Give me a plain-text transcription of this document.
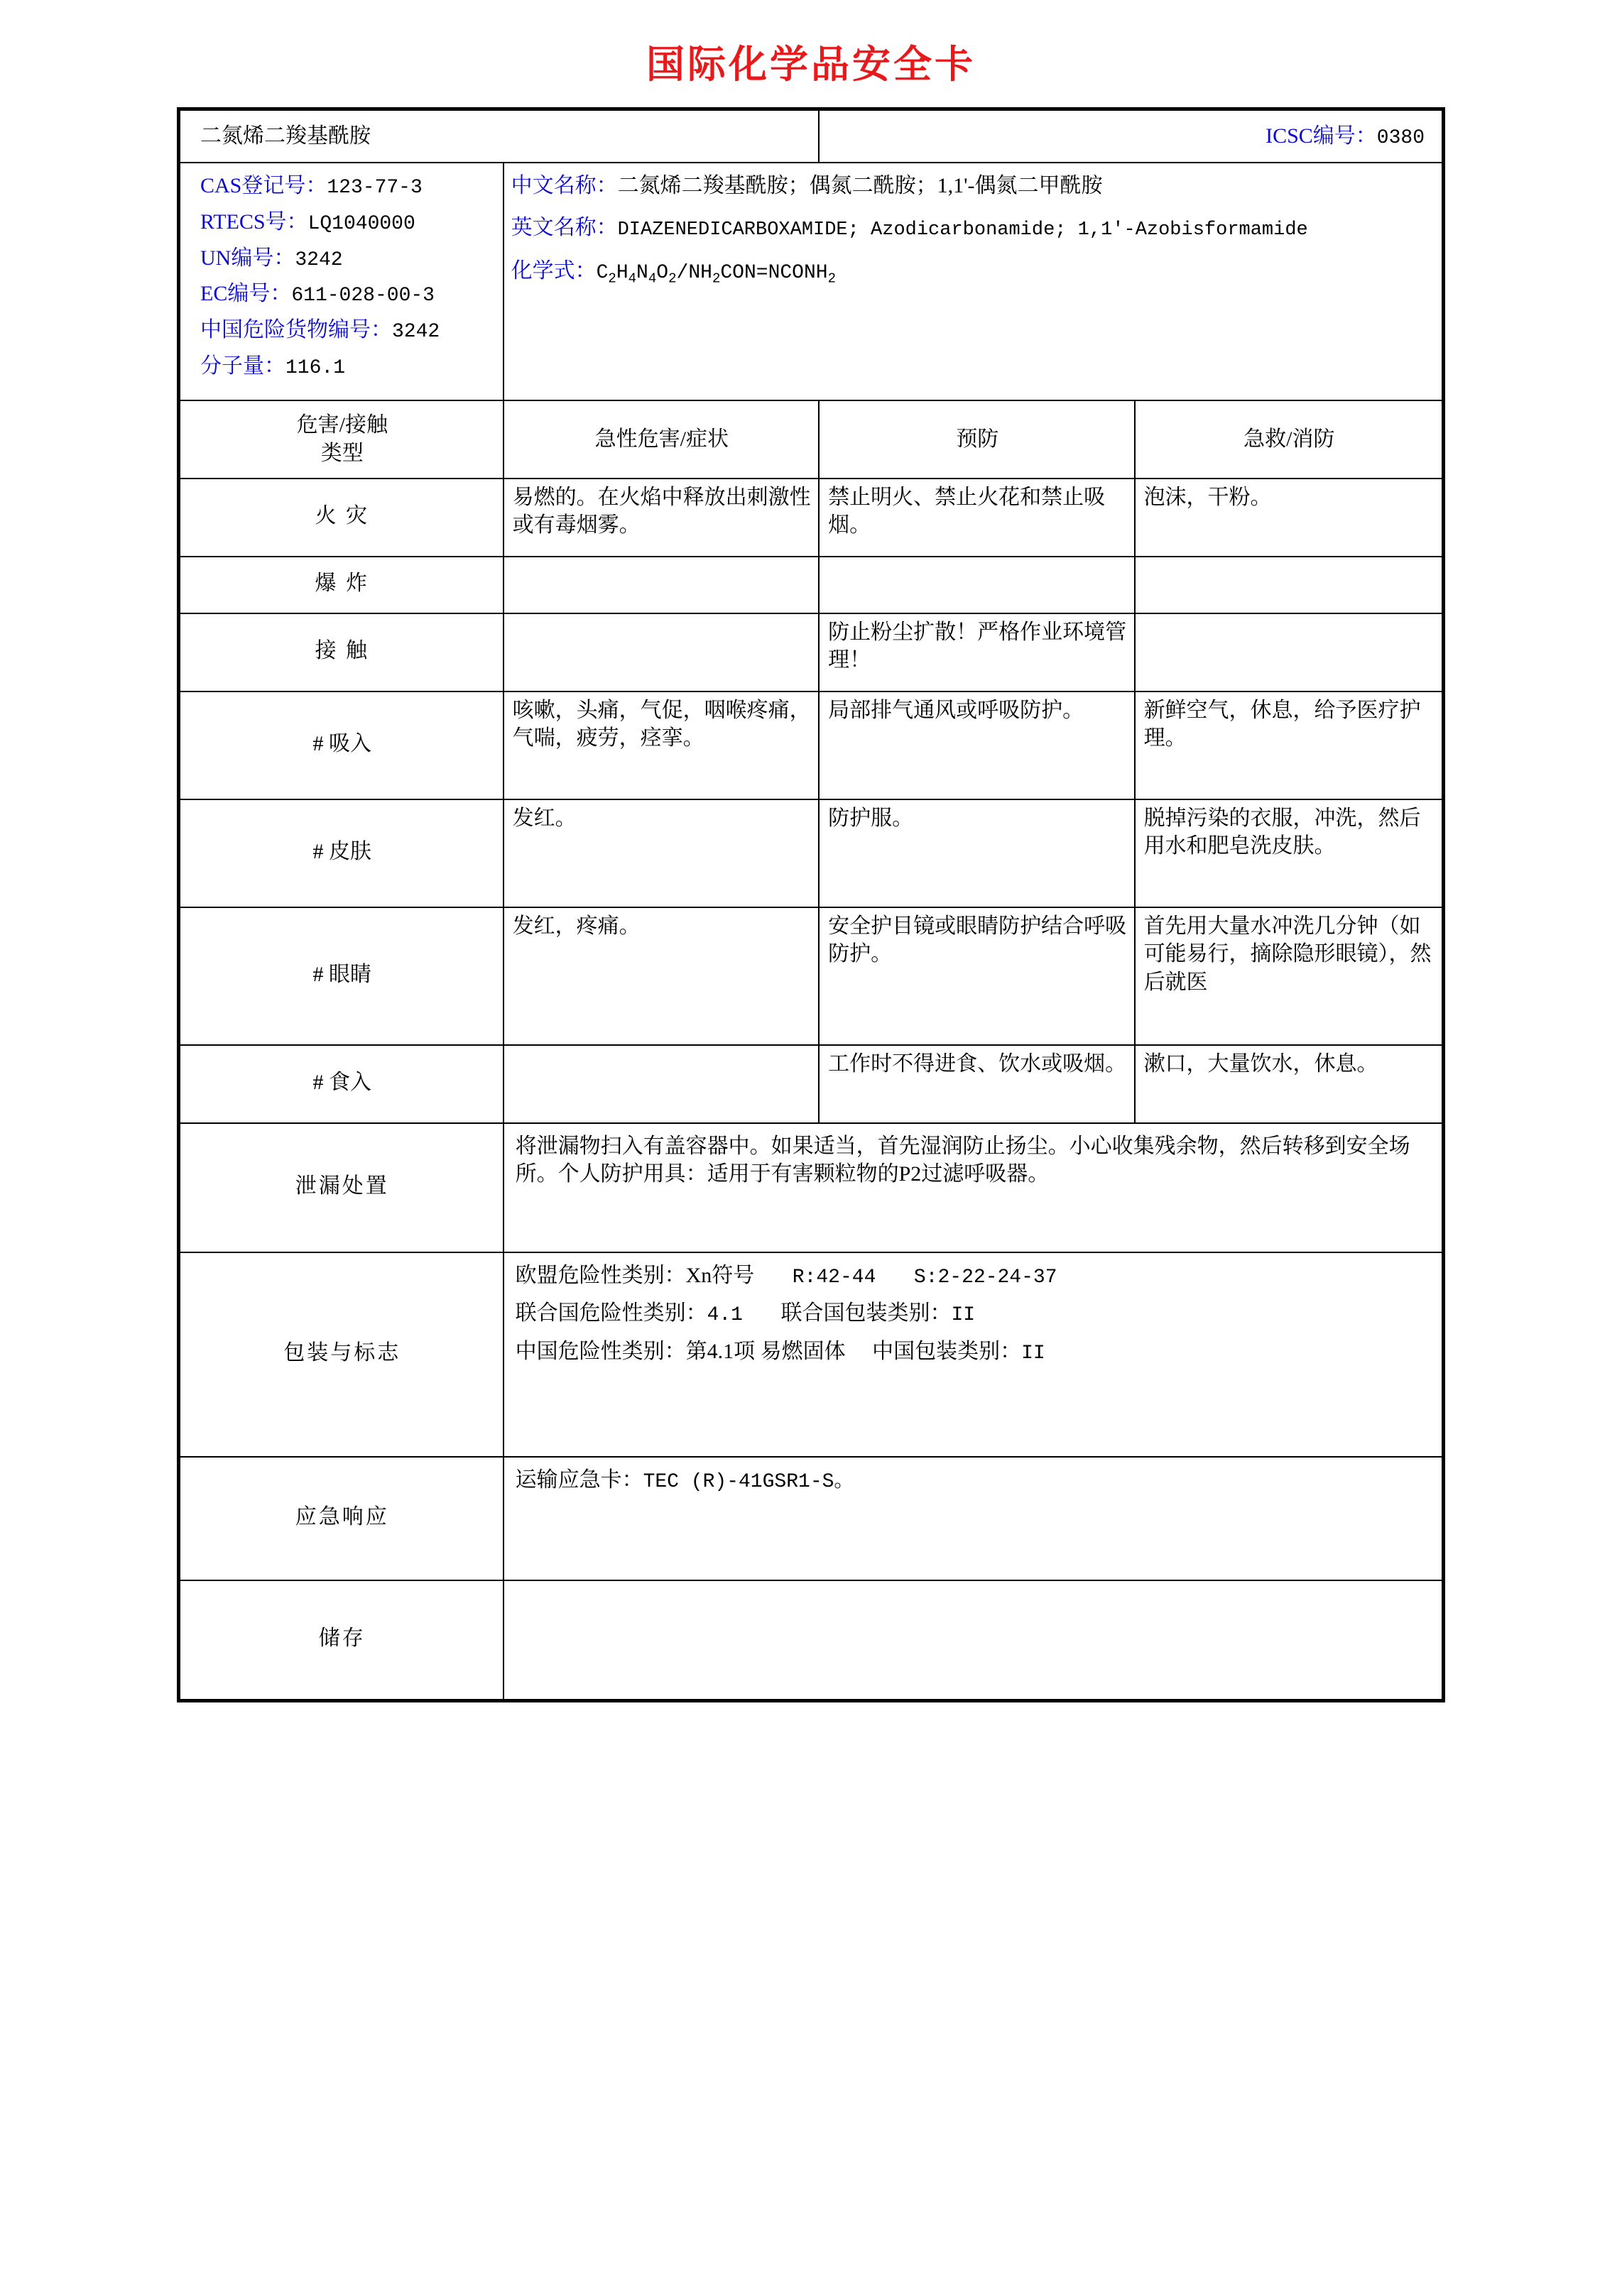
国际化学品安全卡
二氮烯二羧基酰胺		ICSC编号：0380	

CAS登记号：123-77-3
RTECS号：LQ1040000
UN编号：3242
EC编号：611-028-00-3
中国危险货物编号：3242
分子量：116.1

中文名称：二氮烯二羧基酰胺；偶氮二酰胺；1,1'-偶氮二甲酰胺
英文名称：DIAZENEDICARBOXAMIDE; Azodicarbonamide; 1,1'-Azobisformamide
化学式：$C_2H_4N_4O_2/NH_2CON=NCONH_2$

危害/接触
类型	急性危害/症状	预防	急救/消防
火 灾	易燃的。在火焰中释放出刺激性或有毒烟雾。	禁止明火、禁止火花和禁止吸烟。	泡沫，干粉。
爆 炸			
接 触		防止粉尘扩散！严格作业环境管理！	
# 吸入	咳嗽，头痛，气促，咽喉疼痛，气喘，疲劳，痉挛。	局部排气通风或呼吸防护。	新鲜空气，休息，给予医疗护理。
# 皮肤	发红。	防护服。	脱掉污染的衣服，冲洗，然后用水和肥皂洗皮肤。
# 眼睛	发红，疼痛。	安全护目镜或眼睛防护结合呼吸防护。	首先用大量水冲洗几分钟（如可能易行，摘除隐形眼镜），然后就医
# 食入		工作时不得进食、饮水或吸烟。	漱口，大量饮水，休息。
泄漏处置	将泄漏物扫入有盖容器中。如果适当，首先湿润防止扬尘。小心收集残余物，然后转移到安全场所。个人防护用具：适用于有害颗粒物的P2过滤呼吸器。		
包装与标志	欧盟危险性类别：Xn符号 R:42-44 S:2-22-24-37
联合国危险性类别：4.1 联合国包装类别：II
中国危险性类别：第4.1项 易燃固体 中国包装类别：II		

应急响应	运输应急卡：TEC (R)-41GSR1-S。		
储存			
